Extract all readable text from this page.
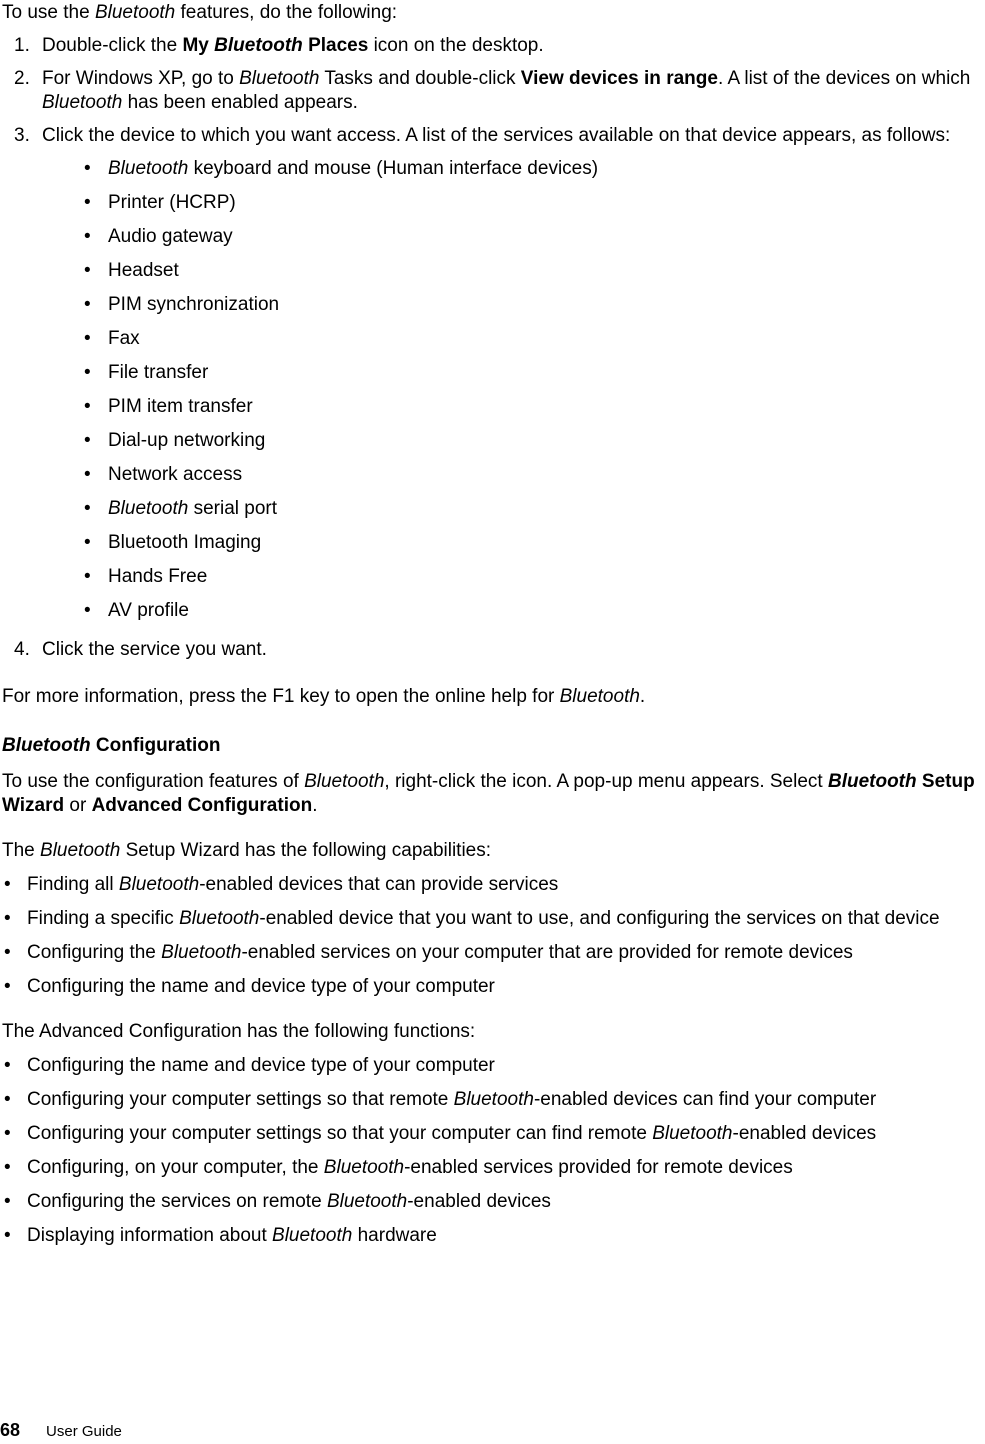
To use the Bluetooth features, do the following:

1. Double-click the My Bluetooth Places icon on the desktop.
2. For Windows XP, go to Bluetooth Tasks and double-click View devices in range. A list of the devices on which Bluetooth has been enabled appears.
3. Click the device to which you want access. A list of the services available on that device appears, as follows:
• Bluetooth keyboard and mouse (Human interface devices)
• Printer (HCRP)
• Audio gateway
• Headset
• PIM synchronization
• Fax
• File transfer
• PIM item transfer
• Dial-up networking
• Network access
• Bluetooth serial port
• Bluetooth Imaging
• Hands Free
• AV profile
4. Click the service you want.

For more information, press the F1 key to open the online help for Bluetooth.

Bluetooth Configuration

To use the configuration features of Bluetooth, right-click the icon. A pop-up menu appears. Select Bluetooth Setup Wizard or Advanced Configuration.

The Bluetooth Setup Wizard has the following capabilities:

• Finding all Bluetooth-enabled devices that can provide services
• Finding a specific Bluetooth-enabled device that you want to use, and configuring the services on that device
• Configuring the Bluetooth-enabled services on your computer that are provided for remote devices
• Configuring the name and device type of your computer

The Advanced Configuration has the following functions:

• Configuring the name and device type of your computer
• Configuring your computer settings so that remote Bluetooth-enabled devices can find your computer
• Configuring your computer settings so that your computer can find remote Bluetooth-enabled devices
• Configuring, on your computer, the Bluetooth-enabled services provided for remote devices
• Configuring the services on remote Bluetooth-enabled devices
• Displaying information about Bluetooth hardware
68 User Guide
